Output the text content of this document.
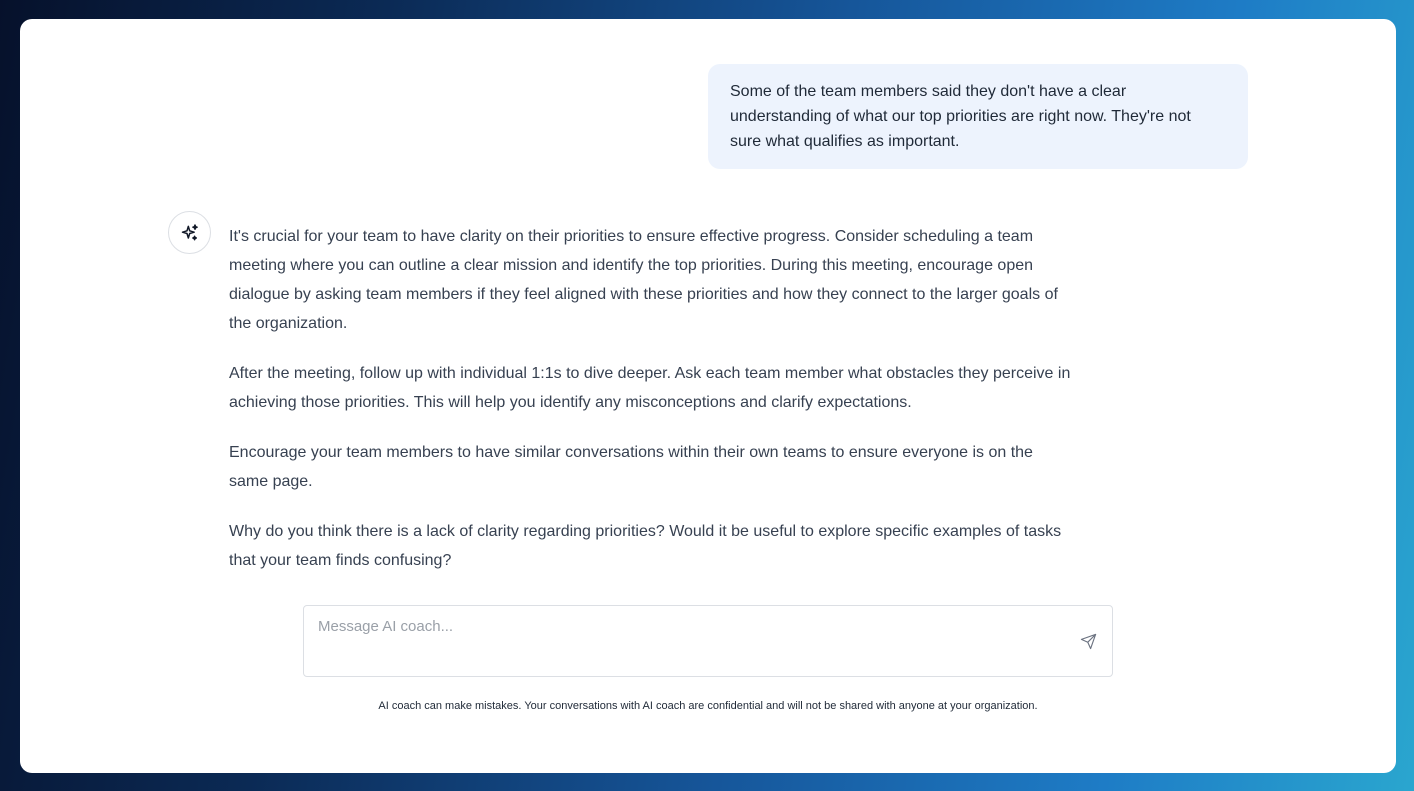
Some of the team members said they don't have a clear understanding of what our top priorities are right now. They're not sure what qualifies as important.

It's crucial for your team to have clarity on their priorities to ensure effective progress. Consider scheduling a team meeting where you can outline a clear mission and identify the top priorities. During this meeting, encourage open dialogue by asking team members if they feel aligned with these priorities and how they connect to the larger goals of the organization.

After the meeting, follow up with individual 1:1s to dive deeper. Ask each team member what obstacles they perceive in achieving those priorities. This will help you identify any misconceptions and clarify expectations.

Encourage your team members to have similar conversations within their own teams to ensure everyone is on the same page.

Why do you think there is a lack of clarity regarding priorities? Would it be useful to explore specific examples of tasks that your team finds confusing?

Message AI coach...
AI coach can make mistakes. Your conversations with AI coach are confidential and will not be shared with anyone at your organization.
